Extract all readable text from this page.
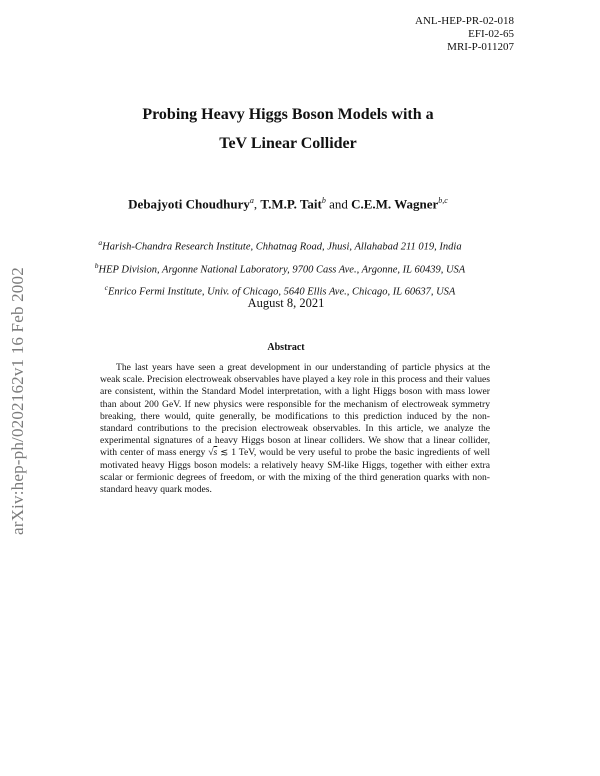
ANL-HEP-PR-02-018
EFI-02-65
MRI-P-011207
arXiv:hep-ph/0202162v1 16 Feb 2002
Probing Heavy Higgs Boson Models with a
TeV Linear Collider
Debajyoti Choudhury$^a$, T.M.P. Tait$^b$ and C.E.M. Wagner$^{b,c}$
$^a$Harish-Chandra Research Institute, Chhatnag Road, Jhusi, Allahabad 211 019, India
$^b$HEP Division, Argonne National Laboratory, 9700 Cass Ave., Argonne, IL 60439, USA
$^c$Enrico Fermi Institute, Univ. of Chicago, 5640 Ellis Ave., Chicago, IL 60637, USA
August 8, 2021
Abstract
The last years have seen a great development in our understanding of particle physics at the weak scale. Precision electroweak observables have played a key role in this process and their values are consistent, within the Standard Model interpretation, with a light Higgs boson with mass lower than about 200 GeV. If new physics were responsible for the mechanism of electroweak symmetry breaking, there would, quite generally, be modifications to this prediction induced by the non-standard contributions to the precision electroweak observables. In this article, we analyze the experimental signatures of a heavy Higgs boson at linear colliders. We show that a linear collider, with center of mass energy √s ≲ 1 TeV, would be very useful to probe the basic ingredients of well motivated heavy Higgs boson models: a relatively heavy SM-like Higgs, together with either extra scalar or fermionic degrees of freedom, or with the mixing of the third generation quarks with non-standard heavy quark modes.
